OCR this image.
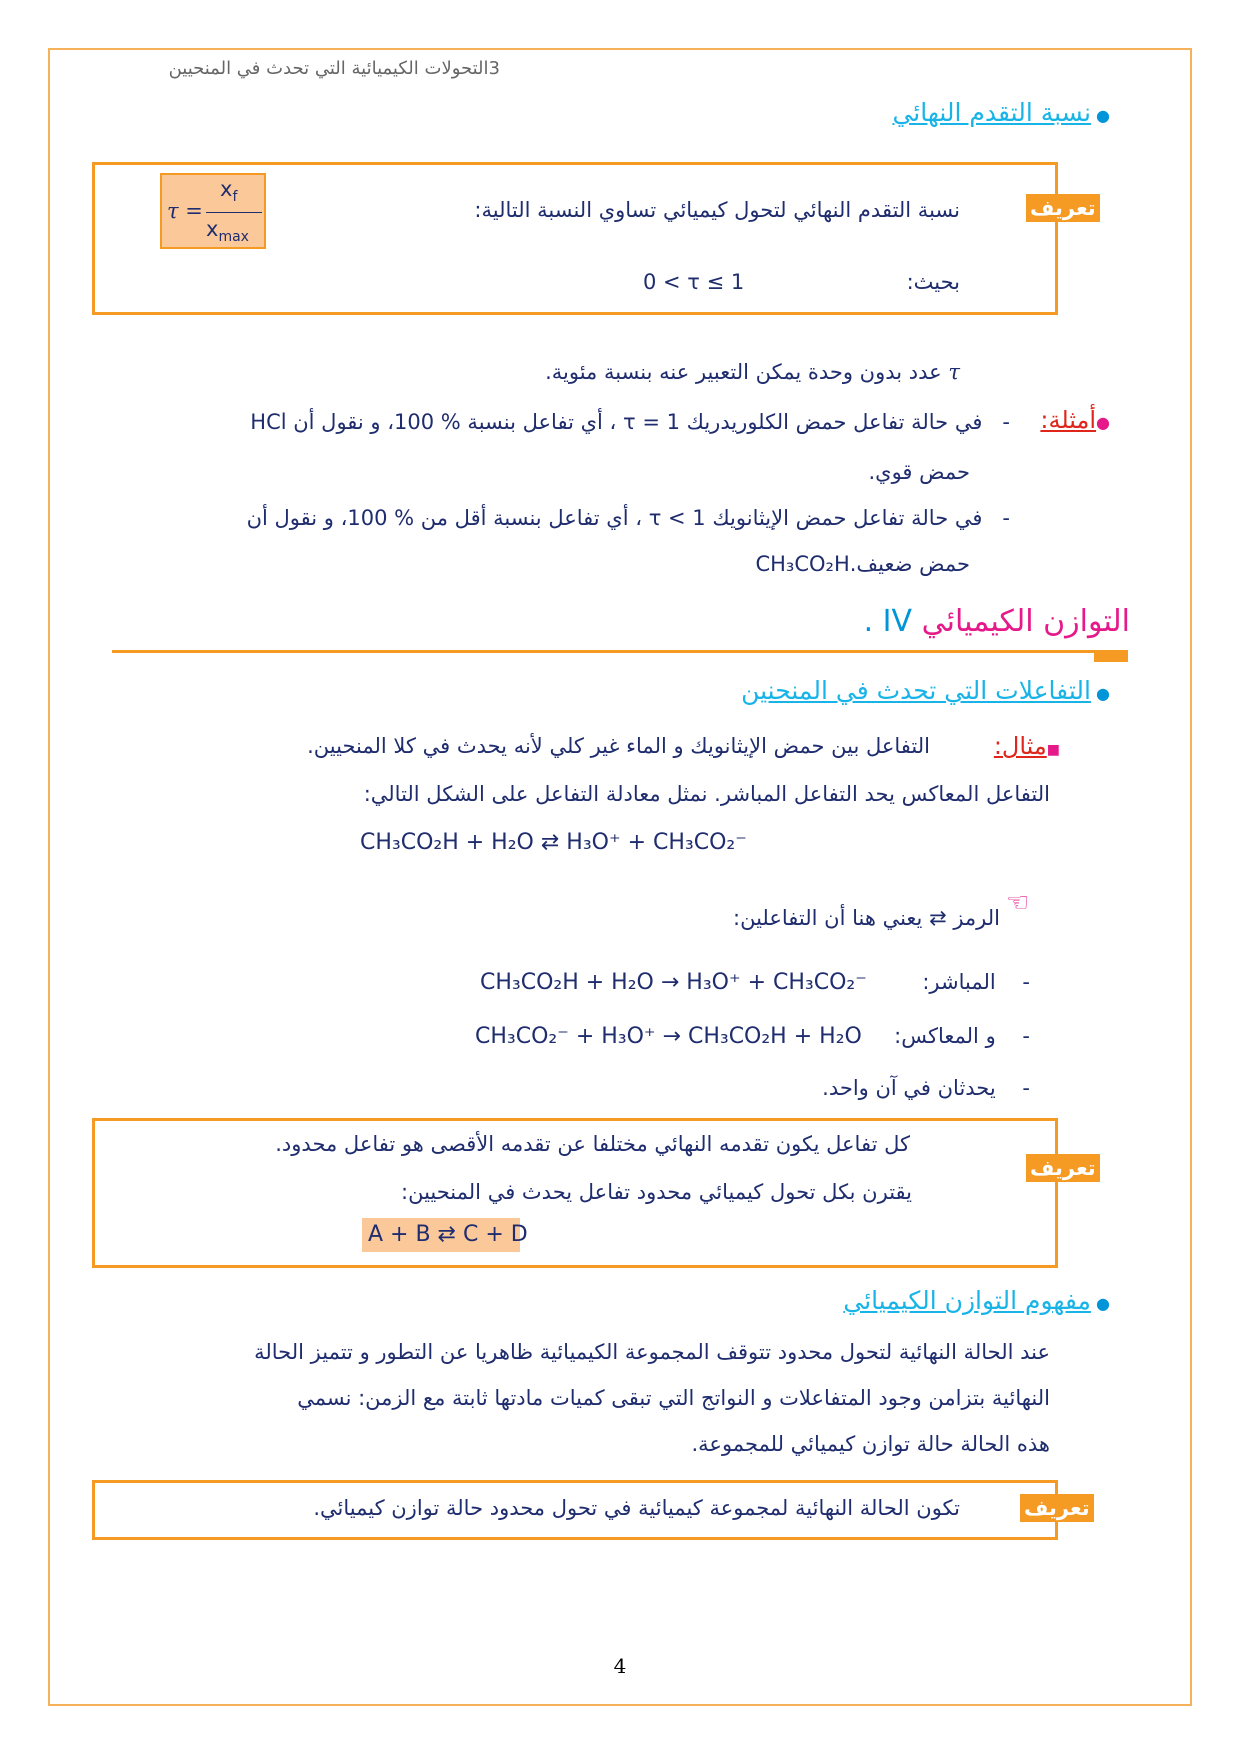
3التحولات الكيميائية التي تحدث في المنحيين
● نسبة التقدم النهائي
تعريف
نسبة التقدم النهائي لتحول كيميائي تساوي النسبة التالية:
τ =
$x_f$
$x_{max}$
بحيث:
0 < τ ≤ 1
τ عدد بدون وحدة يمكن التعبير عنه بنسبة مئوية.
●أمثلة:
-   في حالة تفاعل حمض الكلوريدريك τ = 1 ، أي تفاعل بنسبة % 100، و نقول أن HCl
حمض قوي.
-   في حالة تفاعل حمض الإيثانويك τ < 1 ، أي تفاعل بنسبة أقل من % 100، و نقول أن
حمض ضعيف.CH₃CO₂H
التوازن الكيميائي IV .
● التفاعلات التي تحدث في المنحنين
■مثال:
التفاعل بين حمض الإيثانويك و الماء غير كلي لأنه يحدث في كلا المنحيين.
التفاعل المعاكس يحد التفاعل المباشر. نمثل معادلة التفاعل على الشكل التالي:
CH₃CO₂H + H₂O ⇄ H₃O⁺ + CH₃CO₂⁻
☜
الرمز ⇄ يعني هنا أن التفاعلين:
-    المباشر:
CH₃CO₂H + H₂O → H₃O⁺ + CH₃CO₂⁻
-    و المعاكس:
CH₃CO₂⁻ + H₃O⁺ → CH₃CO₂H + H₂O
-    يحدثان في آن واحد.
تعريف
كل تفاعل يكون تقدمه النهائي مختلفا عن تقدمه الأقصى هو تفاعل محدود.
يقترن بكل تحول كيميائي محدود تفاعل يحدث في المنحيين:
A + B ⇄ C + D
● مفهوم التوازن الكيميائي
عند الحالة النهائية لتحول محدود تتوقف المجموعة الكيميائية ظاهريا عن التطور و تتميز الحالة
النهائية بتزامن وجود المتفاعلات و النواتج التي تبقى كميات مادتها ثابتة مع الزمن: نسمي
هذه الحالة حالة توازن كيميائي للمجموعة.
تعريف
تكون الحالة النهائية لمجموعة كيميائية في تحول محدود حالة توازن كيميائي.
4
